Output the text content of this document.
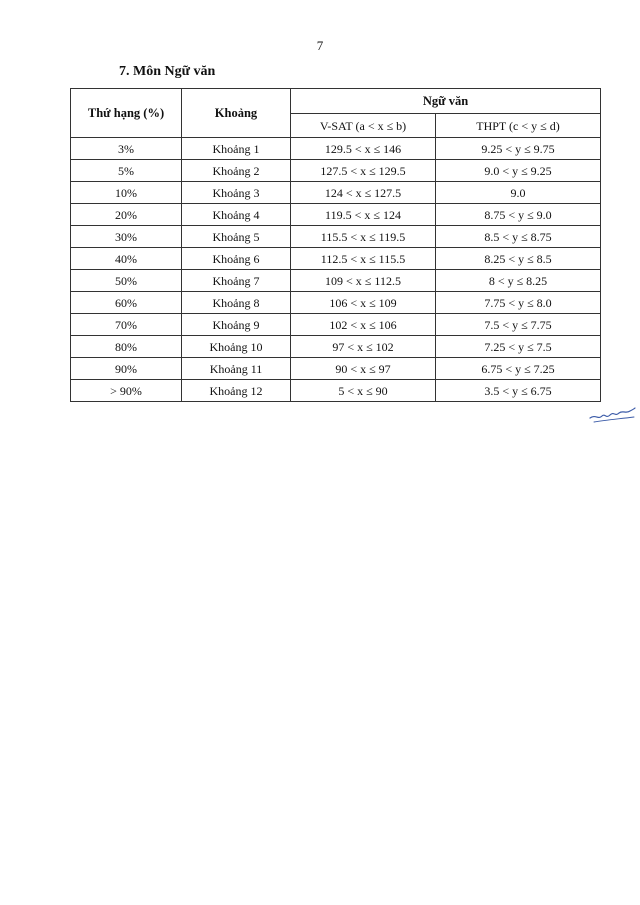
7
7. Môn Ngữ văn
Thứ hạng (%)	Khoảng	Ngữ văn	
		V-SAT (a < x ≤ b)	THPT (c < y ≤ d)
3%	Khoảng 1	129.5 < x ≤ 146	9.25 < y ≤ 9.75
5%	Khoảng 2	127.5 < x ≤ 129.5	9.0 < y ≤ 9.25
10%	Khoảng 3	124 < x ≤ 127.5	9.0
20%	Khoảng 4	119.5 < x ≤ 124	8.75 < y ≤ 9.0
30%	Khoảng 5	115.5 < x ≤ 119.5	8.5 < y ≤ 8.75
40%	Khoảng 6	112.5 < x ≤ 115.5	8.25 < y ≤ 8.5
50%	Khoảng 7	109 < x ≤ 112.5	8 < y ≤ 8.25
60%	Khoảng 8	106 < x ≤ 109	7.75 < y ≤ 8.0
70%	Khoảng 9	102 < x ≤ 106	7.5 < y ≤ 7.75
80%	Khoảng 10	97 < x ≤ 102	7.25 < y ≤ 7.5
90%	Khoảng 11	90 < x ≤ 97	6.75 < y ≤ 7.25
> 90%	Khoảng 12	5 < x ≤ 90	3.5 < y ≤ 6.75
